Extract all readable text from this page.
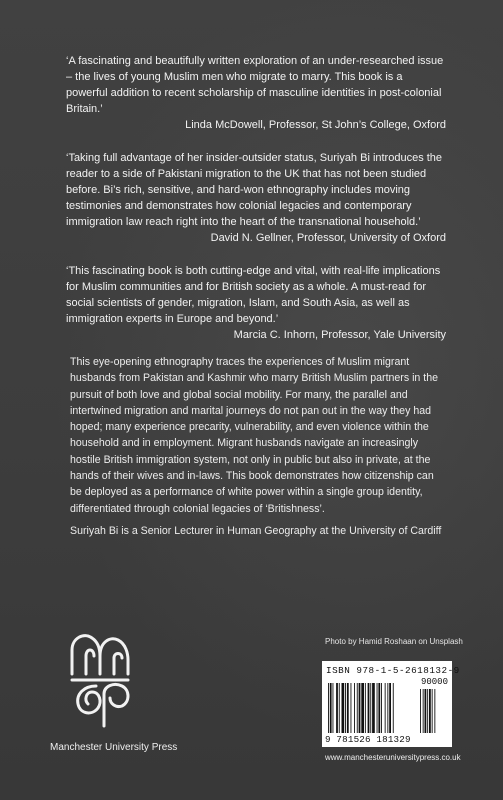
‘A fascinating and beautifully written exploration of an under-researched issue – the lives of young Muslim men who migrate to marry. This book is a powerful addition to recent scholarship of masculine identities in post-colonial Britain.’

Linda McDowell, Professor, St John’s College, Oxford

‘Taking full advantage of her insider-outsider status, Suriyah Bi introduces the reader to a side of Pakistani migration to the UK that has not been studied before. Bi’s rich, sensitive, and hard-won ethnography includes moving testimonies and demonstrates how colonial legacies and contemporary immigration law reach right into the heart of the transnational household.’

David N. Gellner, Professor, University of Oxford

‘This fascinating book is both cutting-edge and vital, with real-life implications for Muslim communities and for British society as a whole. A must-read for social scientists of gender, migration, Islam, and South Asia, as well as immigration experts in Europe and beyond.’

Marcia C. Inhorn, Professor, Yale University

This eye-opening ethnography traces the experiences of Muslim migrant husbands from Pakistan and Kashmir who marry British Muslim partners in the pursuit of both love and global social mobility. For many, the parallel and intertwined migration and marital journeys do not pan out in the way they had hoped; many experience precarity, vulnerability, and even violence within the household and in employment. Migrant husbands navigate an increasingly hostile British immigration system, not only in public but also in private, at the hands of their wives and in-laws. This book demonstrates how citizenship can be deployed as a performance of white power within a single group identity, differentiated through colonial legacies of ‘Britishness’.

Suriyah Bi is a Senior Lecturer in Human Geography at the University of Cardiff
Manchester University Press
Photo by Hamid Roshaan on Unsplash
ISBN 978-1-5-2618132-9
90000
9 781526 181329
www.manchesteruniversitypress.co.uk
